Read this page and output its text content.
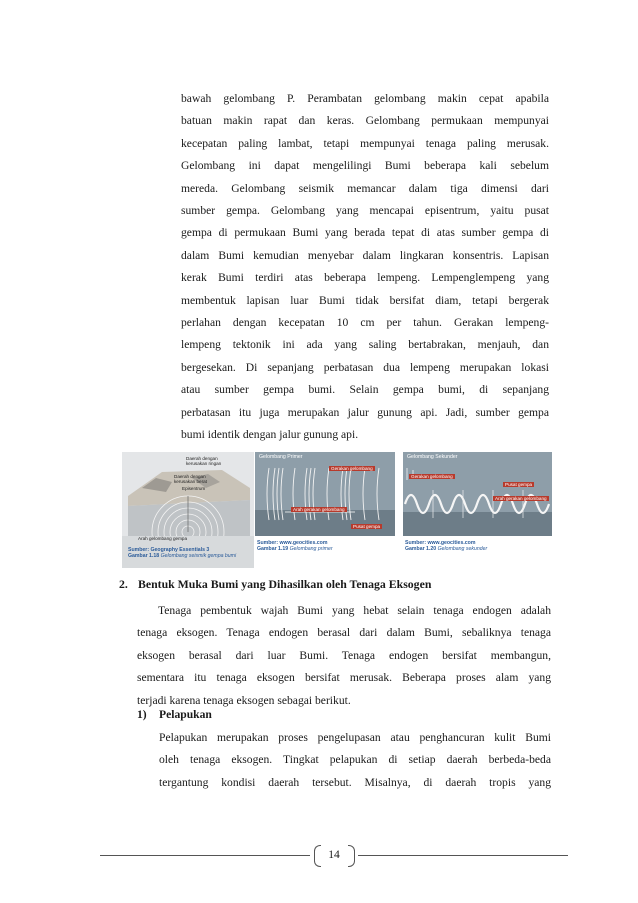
bawah gelombang P. Perambatan gelombang makin cepat apabila
batuan makin rapat dan keras. Gelombang permukaan mempunyai
kecepatan paling lambat, tetapi mempunyai tenaga paling merusak.
Gelombang ini dapat mengelilingi Bumi beberapa kali sebelum
mereda. Gelombang seismik memancar dalam tiga dimensi dari
sumber gempa. Gelombang yang mencapai episentrum, yaitu pusat
gempa di permukaan Bumi yang berada tepat di atas sumber gempa di
dalam Bumi kemudian menyebar dalam lingkaran konsentris. Lapisan
kerak Bumi terdiri atas beberapa lempeng. Lempenglempeng yang
membentuk lapisan luar Bumi tidak bersifat diam, tetapi bergerak
perlahan dengan kecepatan 10 cm per tahun. Gerakan lempeng-
lempeng tektonik ini ada yang saling bertabrakan, menjauh, dan
bergesekan. Di sepanjang perbatasan dua lempeng merupakan lokasi
atau sumber gempa bumi. Selain gempa bumi, di sepanjang
perbatasan itu juga merupakan jalur gunung api. Jadi, sumber gempa
bumi identik dengan jalur gunung api.
Daerah dengan kerusakan ringan
Daerah dengan kerusakan berat
Episentrum
Arah gelombang gempa
Sumber: Geography Essentials 3
Gambar 1.18 Gelombang seismik gempa bumi
Gelombang Primer
Gerakan gelombang
Arah gerakan gelombang
Pusat gempa
Sumber: www.geocities.com
Gambar 1.19 Gelombang primer
Gelombang Sekunder
Gerakan gelombang
Pusat gempa
Arah gerakan gelombang
Sumber: www.geocities.com
Gambar 1.20 Gelombang sekunder
2. Bentuk Muka Bumi yang Dihasilkan oleh Tenaga Eksogen
Tenaga pembentuk wajah Bumi yang hebat selain tenaga endogen adalah
tenaga eksogen. Tenaga endogen berasal dari dalam Bumi, sebaliknya tenaga
eksogen berasal dari luar Bumi. Tenaga endogen bersifat membangun,
sementara itu tenaga eksogen bersifat merusak. Beberapa proses alam yang
terjadi karena tenaga eksogen sebagai berikut.
1) Pelapukan
Pelapukan merupakan proses pengelupasan atau penghancuran kulit Bumi
oleh tenaga eksogen. Tingkat pelapukan di setiap daerah berbeda-beda
tergantung kondisi daerah tersebut. Misalnya, di daerah tropis yang
14
